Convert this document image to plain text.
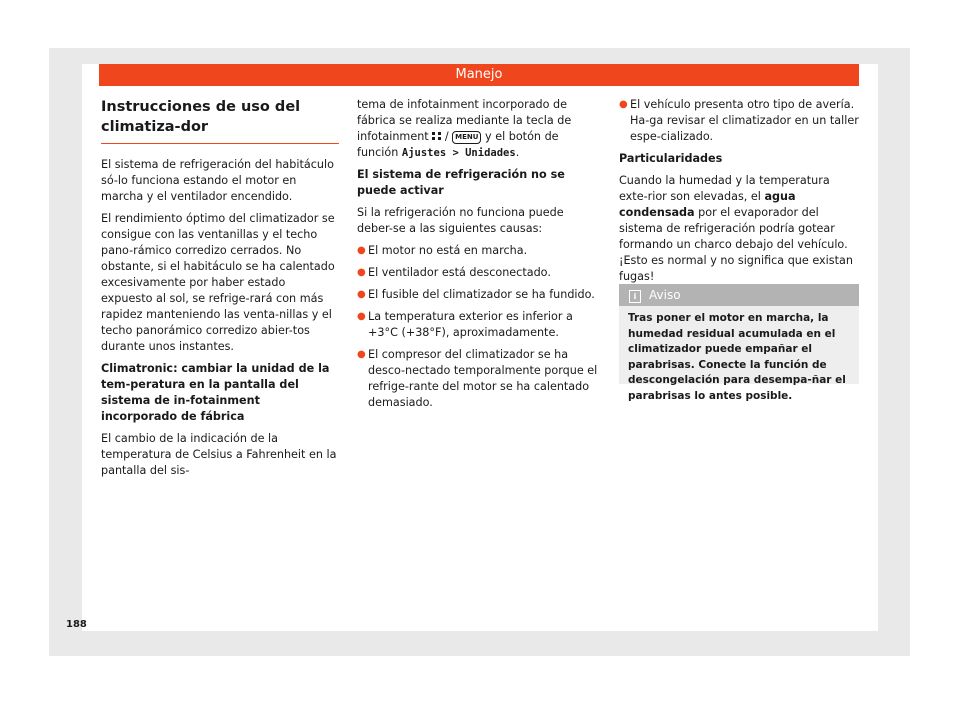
Manejo
Instrucciones de uso del climatiza-dor

El sistema de refrigeración del habitáculo só-lo funciona estando el motor en marcha y el ventilador encendido.

El rendimiento óptimo del climatizador se consigue con las ventanillas y el techo pano-rámico corredizo cerrados. No obstante, si el habitáculo se ha calentado excesivamente por haber estado expuesto al sol, se refrige-rará con más rapidez manteniendo las venta-nillas y el techo panorámico corredizo abier-tos durante unos instantes.

Climatronic: cambiar la unidad de la tem-peratura en la pantalla del sistema de in-fotainment incorporado de fábrica

El cambio de la indicación de la temperatura de Celsius a Fahrenheit en la pantalla del sis-

tema de infotainment incorporado de fábrica se realiza mediante la tecla de infotainment / MENU y el botón de función Ajustes > Unidades.

El sistema de refrigeración no se puede activar

Si la refrigeración no funciona puede deber-se a las siguientes causas:

● El motor no está en marcha.
● El ventilador está desconectado.
● El fusible del climatizador se ha fundido.
● La temperatura exterior es inferior a +3°C (+38°F), aproximadamente.
● El compresor del climatizador se ha desco-nectado temporalmente porque el refrige-rante del motor se ha calentado demasiado.
● El vehículo presenta otro tipo de avería. Ha-ga revisar el climatizador en un taller espe-cializado.

Particularidades

Cuando la humedad y la temperatura exte-rior son elevadas, el agua condensada por el evaporador del sistema de refrigeración podría gotear formando un charco debajo del vehículo. ¡Esto es normal y no significa que existan fugas!

i Aviso
Tras poner el motor en marcha, la humedad residual acumulada en el climatizador puede empañar el parabrisas. Conecte la función de descongelación para desempa-ñar el parabrisas lo antes posible.
188
